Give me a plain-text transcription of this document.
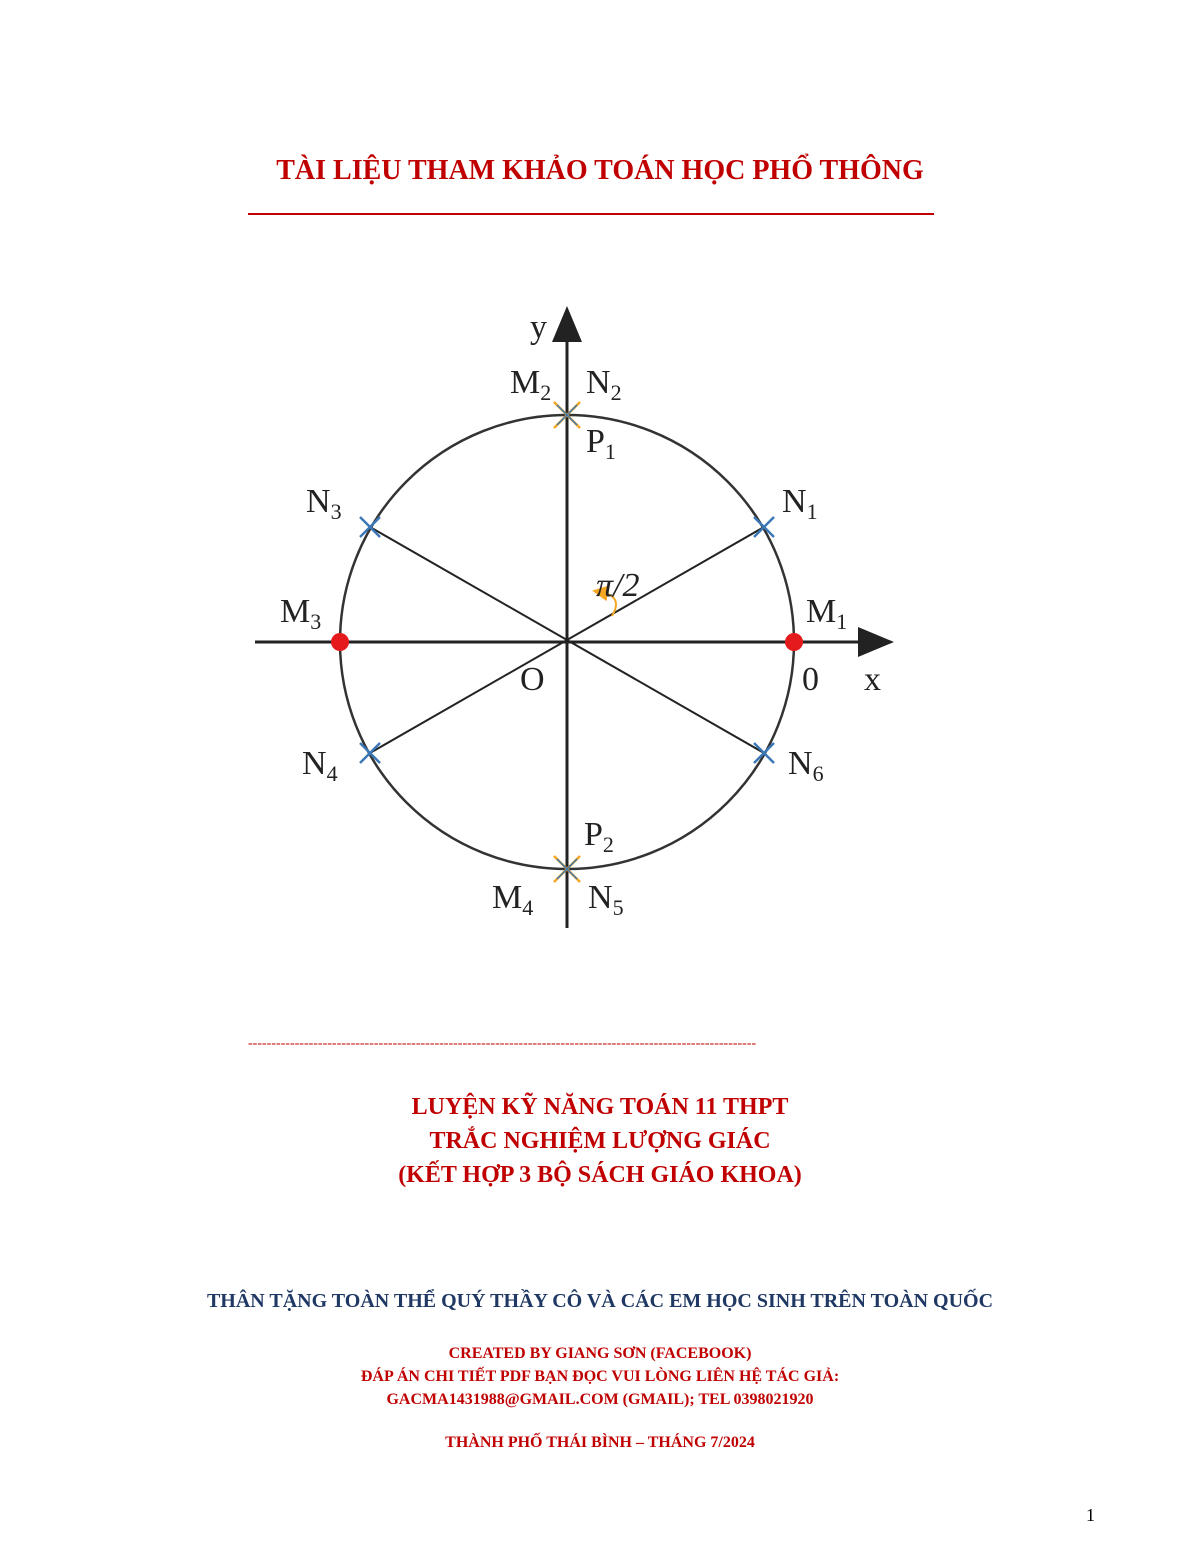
TÀI LIỆU THAM KHẢO TOÁN HỌC PHỔ THÔNG
y
x
O	0
π/2
$M_2$ $N_2$
$P_1$
$N_1$
$N_3$
$M_3$	$M_1$
$N_4$	$N_6$
$P_2$
$M_4$ $N_5$
-------------------------------------------------------------------------------------------------------------
LUYỆN KỸ NĂNG TOÁN 11 THPT
TRẮC NGHIỆM LƯỢNG GIÁC
(KẾT HỢP 3 BỘ SÁCH GIÁO KHOA)
THÂN TẶNG TOÀN THỂ QUÝ THẦY CÔ VÀ CÁC EM HỌC SINH TRÊN TOÀN QUỐC
CREATED BY GIANG SƠN (FACEBOOK)
ĐÁP ÁN CHI TIẾT PDF BẠN ĐỌC VUI LÒNG LIÊN HỆ TÁC GIẢ:
GACMA1431988@GMAIL.COM (GMAIL); TEL 0398021920
THÀNH PHỐ THÁI BÌNH – THÁNG 7/2024
1
